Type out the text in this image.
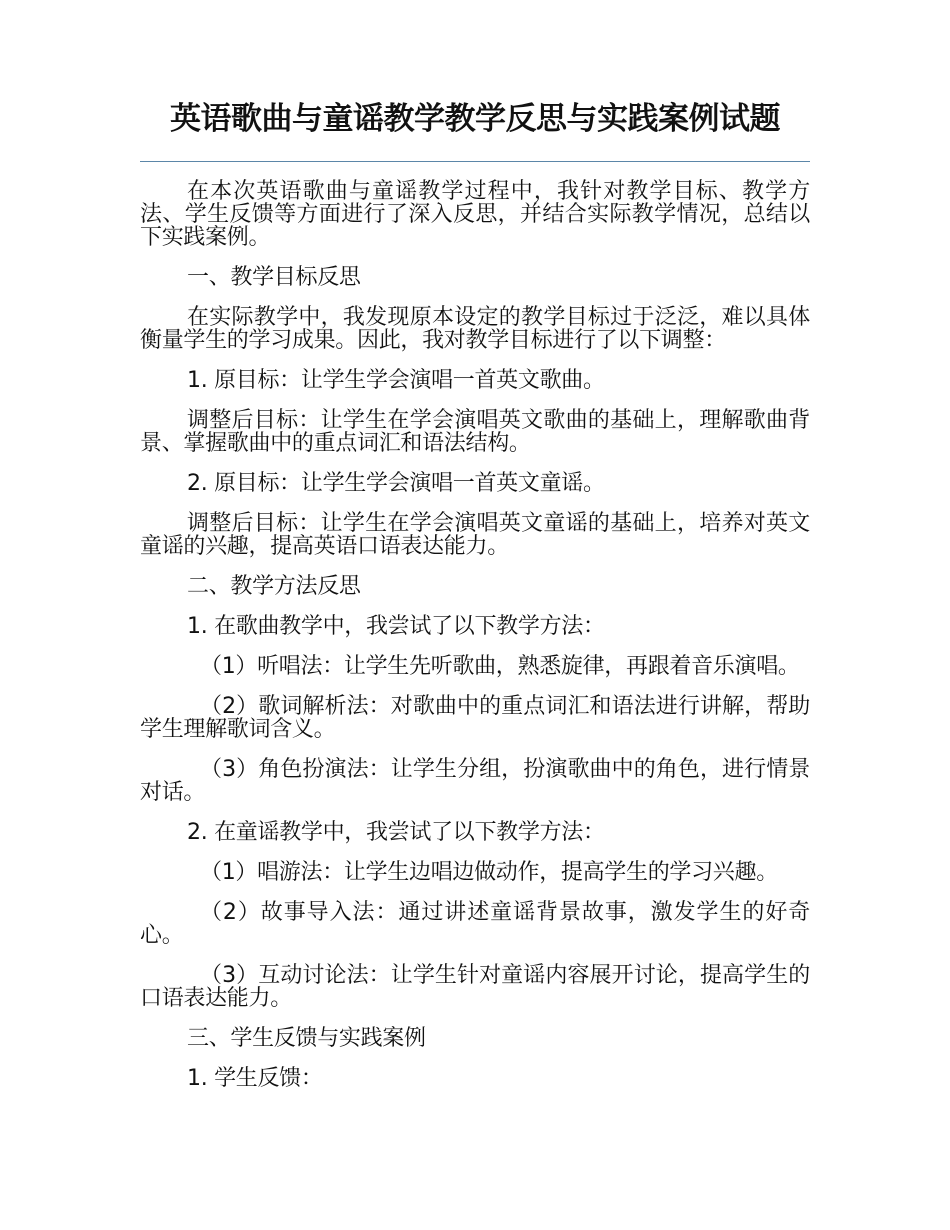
英语歌曲与童谣教学教学反思与实践案例试题

在本次英语歌曲与童谣教学过程中，我针对教学目标、教学方法、学生反馈等方面进行了深入反思，并结合实际教学情况，总结以下实践案例。

一、教学目标反思

在实际教学中，我发现原本设定的教学目标过于泛泛，难以具体衡量学生的学习成果。因此，我对教学目标进行了以下调整：

1. 原目标：让学生学会演唱一首英文歌曲。

调整后目标：让学生在学会演唱英文歌曲的基础上，理解歌曲背景、掌握歌曲中的重点词汇和语法结构。

2. 原目标：让学生学会演唱一首英文童谣。

调整后目标：让学生在学会演唱英文童谣的基础上，培养对英文童谣的兴趣，提高英语口语表达能力。

二、教学方法反思

1. 在歌曲教学中，我尝试了以下教学方法：

（1）听唱法：让学生先听歌曲，熟悉旋律，再跟着音乐演唱。

（2）歌词解析法：对歌曲中的重点词汇和语法进行讲解，帮助学生理解歌词含义。

（3）角色扮演法：让学生分组，扮演歌曲中的角色，进行情景对话。

2. 在童谣教学中，我尝试了以下教学方法：

（1）唱游法：让学生边唱边做动作，提高学生的学习兴趣。

（2）故事导入法：通过讲述童谣背景故事，激发学生的好奇心。

（3）互动讨论法：让学生针对童谣内容展开讨论，提高学生的口语表达能力。

三、学生反馈与实践案例

1. 学生反馈：
